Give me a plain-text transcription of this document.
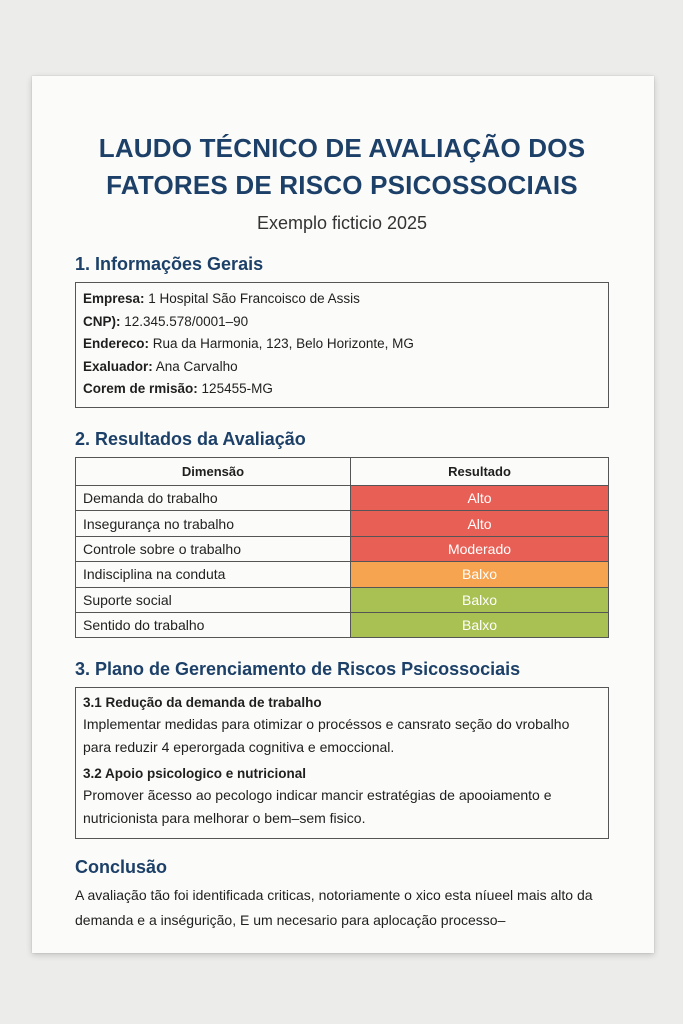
LAUDO TÉCNICO DE AVALIAÇÃO DOS
FATORES DE RISCO PSICOSSOCIAIS
Exemplo ficticio 2025
1. Informações Gerais
Empresa: 1 Hospital São Francoisco de Assis
CNP): 12.345.578/0001–90
Endereco: Rua da Harmonia, 123, Belo Horizonte, MG
Exaluador: Ana Carvalho
Corem de rmisão: 125455-MG
2. Resultados da Avaliação
Dimensão	Resultado
Demanda do trabalho	Alto
Insegurança no trabalho	Alto
Controle sobre o trabalho	Moderado
Indisciplina na conduta	Balxo
Suporte social	Balxo
Sentido do trabalho	Balxo
3. Plano de Gerenciamento de Riscos Psicossociais
3.1 Redução da demanda de trabalho
Implementar medidas para otimizar o procéssos e cansrato seção do vrobalho para reduzir 4 eperorgada cognitiva e emoccional.
3.2 Apoio psicologico e nutricional
Promover ãcesso ao pecologo indicar mancir estratégias de apooiamento e nutricionista para melhorar o bem–sem fisico.
Conclusão
A avaliação tão foi identificada criticas, notoriamente o xico esta níueel mais alto da demanda e a inségurição, E um necesario para aplocação processo–
